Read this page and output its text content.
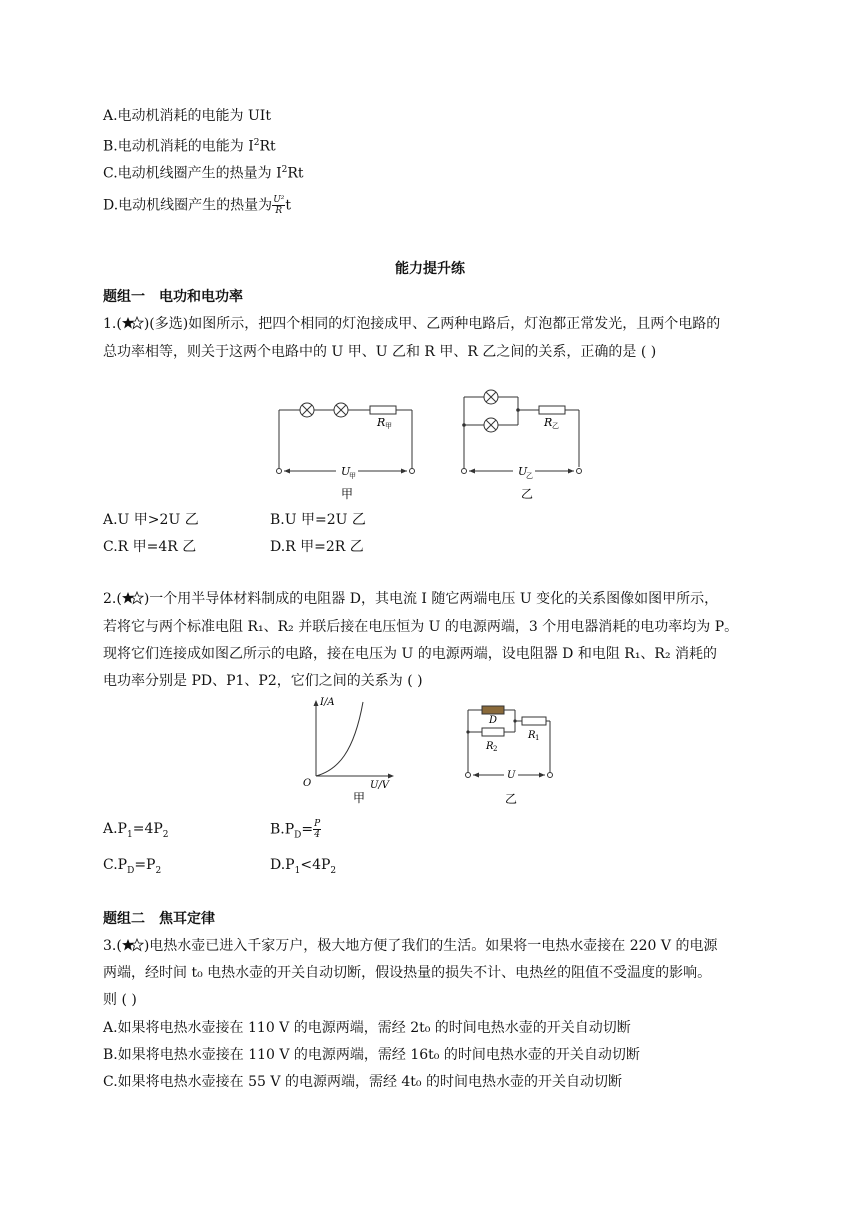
A.电动机消耗的电能为 UIt
B.电动机消耗的电能为 $I^2Rt$
C.电动机线圈产生的热量为 $I^2Rt$
D.电动机线圈产生的热量为 $\frac{\text{U²}}{R}$ t
能力提升练
题组一　电功和电功率
1.( )(多选)如图所示，把四个相同的灯泡接成甲、乙两种电路后，灯泡都正常发光，且两个电路的
总功率相等，则关于这两个电路中的 U 甲、U 乙和 R 甲、R 乙之间的关系，正确的是 ( )
R 甲
U
甲
甲
R 乙
U
乙
乙
A.U 甲>2U 乙	B.U 甲=2U 乙
C.R 甲=4R 乙	D.R 甲=2R 乙
2.( )一个用半导体材料制成的电阻器 D，其电流 I 随它两端电压 U 变化的关系图像如图甲所示，
若将它与两个标准电阻 R₁、R₂ 并联后接在电压恒为 U 的电源两端，3 个用电器消耗的电功率均为 P。
现将它们连接成如图乙所示的电路，接在电压为 U 的电源两端，设电阻器 D 和电阻 R₁、R₂ 消耗的
电功率分别是 PD、P1、P2，它们之间的关系为 ( )
I/A
O	U/V
甲
D
R 2
R 1
U
乙
$A.P_1=4P_2$	$B.P_D= \frac{P}{4}$
$C.P_D=P_2$	$D.P_1<4P_2$
题组二　焦耳定律
3.( )电热水壶已进入千家万户，极大地方便了我们的生活。如果将一电热水壶接在 220 V 的电源
两端，经时间 t₀ 电热水壶的开关自动切断，假设热量的损失不计、电热丝的阻值不受温度的影响。
则 ( )
A.如果将电热水壶接在 110 V 的电源两端，需经 2t₀ 的时间电热水壶的开关自动切断
B.如果将电热水壶接在 110 V 的电源两端，需经 16t₀ 的时间电热水壶的开关自动切断
C.如果将电热水壶接在 55 V 的电源两端，需经 4t₀ 的时间电热水壶的开关自动切断
